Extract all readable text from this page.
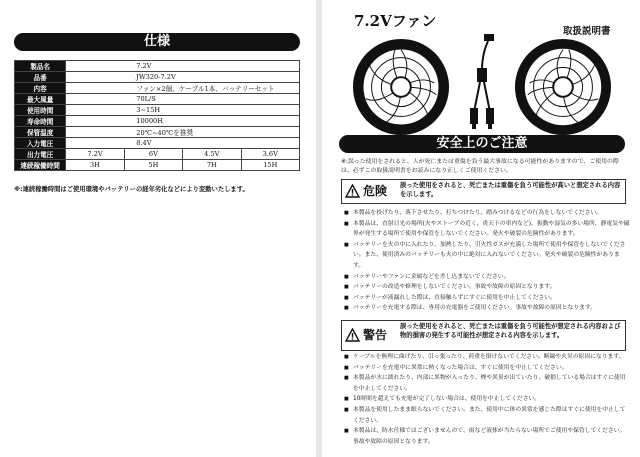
仕様
製品名	7.2V			
品番	JW320-7.2V			
内容	ファン×2個、ケーブル1本、バッテリーセット			
最大風量	70L/S			
使用時間	3~15H			
寿命時間	10000H			
保管温度	20℃~40℃を推奨			
入力電圧	8.4V			
出力電圧	7.2V	6V	4.5V	3.6V
連続稼働時間	3H	5H	7H	15H
※:連続稼働時間はご使用環境やバッテリーの経年劣化などにより変動いたします。
7.2Vファン
取扱説明書
安全上のご注意
※:誤った使用をされると、人が死亡または重傷を負う最大事故になる可能性がありますので、ご使用の際は、必ずこの取扱説明書をお読みになり正しくご使用ください。
危険 誤った使用をされると、死亡または重傷を負う可能性が高いと想定される内容を示します。
■ 本製品を投げたり、落下させたり、打ちつけたり、踏みつけるなどの行為をしないでください。
■ 本製品は、直射日光の場所(火やストーブの近く、炎天下の車内など)、振動や湿気の多い場所、静電気や磁界が発生する場所で使用や保管をしないでください。発火や破裂の危険性があります。
■ バッテリーを火の中に入れたり、加熱したり、引火性ガスが充満した場所で使用や保管をしないでください。また、使用済みのバッテリーも火の中に絶対に入れないでください。発火や破裂の危険性があります。
■ バッテリーやファンに金属などを差し込まないでください。
■ バッテリーの改造や修理をしないでください。事故や故障の原因となります。
■ バッテリーが液漏れした際は、直接触らずにすぐに使用を中止してください。
■ バッテリーを充電する際は、専用の充電器をご使用ください。事故や故障の原因となります。
警告
誤った使用をされると、死亡または重傷を負う可能性が想定される内容および物的損害の発生する可能性が想定される内容を示します。
■ ケーブルを無理に曲げたり、引っ張ったり、荷重を掛けないでください。断線や火災の原因になります。
■ バッテリーを充電中に異常に熱くなった場合は、すぐに使用を中止してください。
■ 本製品が水に濡れたり、内部に異物が入ったり、煙や異臭が出ていたり、破損している場合はすぐに使用を中止してください。
■ 10時間を超えても充電が完了しない場合は、使用を中止してください。
■ 本製品を使用したまま眠らないでください。また、使用中に体の異常を感じた際はすぐに使用を中止してください。
■ 本製品は、防水仕様ではございませんので、雨など液体が当たらない場所でご使用や保管してください。事故や故障の原因となります。
